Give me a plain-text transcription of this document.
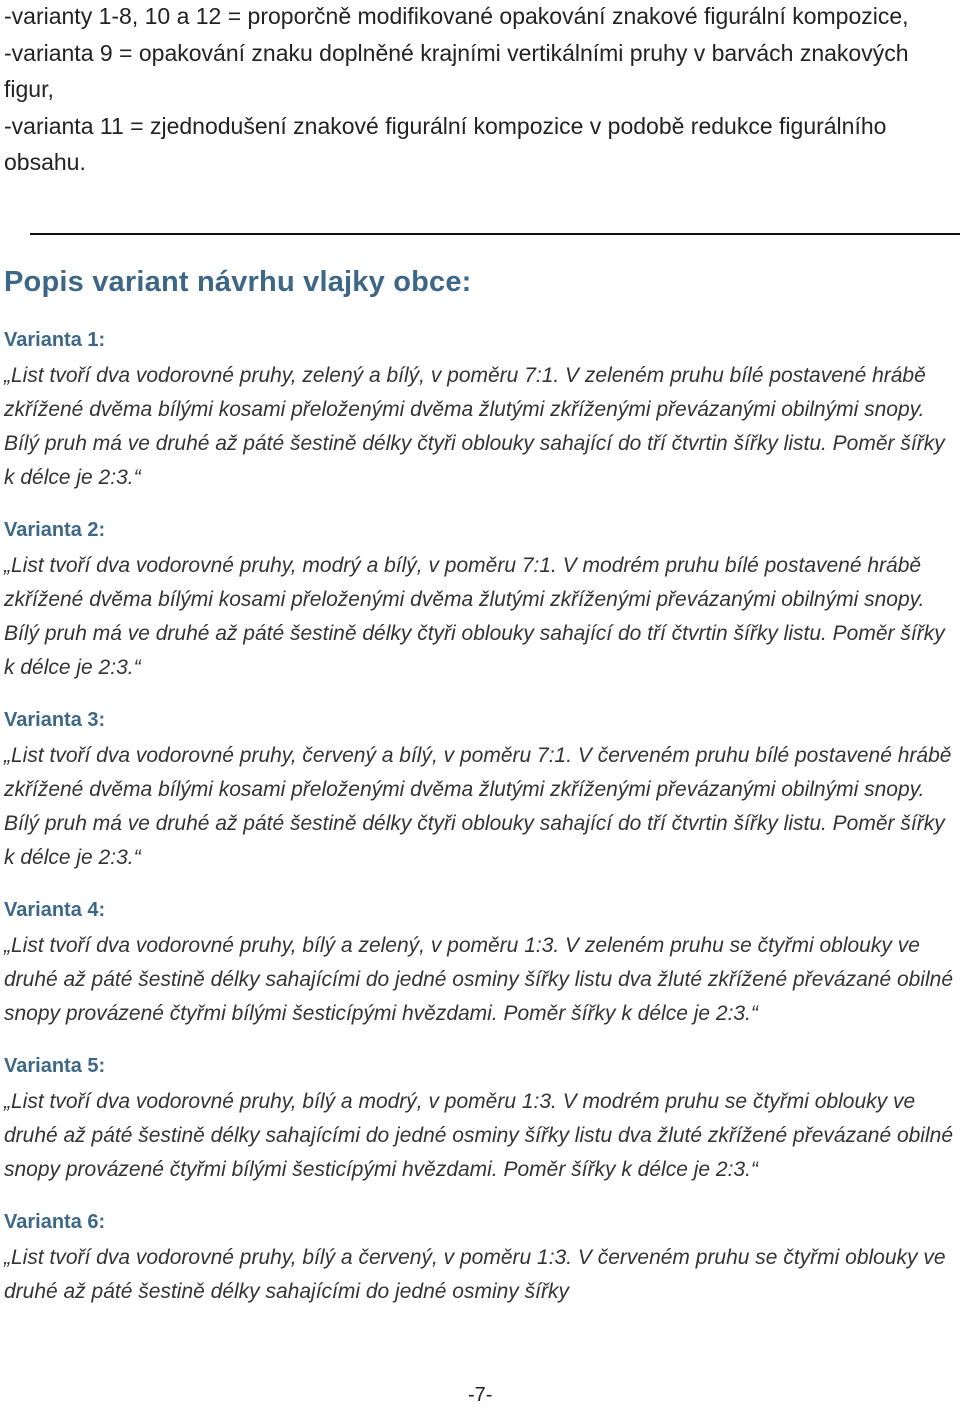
-varianty 1-8, 10 a 12 = proporčně modifikované opakování znakové figurální kompozice,

-varianta 9 = opakování znaku doplněné krajními vertikálními pruhy v barvách znakových figur,

-varianta 11 = zjednodušení znakové figurální kompozice v podobě redukce figurálního obsahu.

Popis variant návrhu vlajky obce:
Varianta 1:

„List tvoří dva vodorovné pruhy, zelený a bílý, v poměru 7:1. V zeleném pruhu bílé postavené hrábě zkřížené dvěma bílými kosami přeloženými dvěma žlutými zkříženými převázanými obilnými snopy. Bílý pruh má ve druhé až páté šestině délky čtyři oblouky sahající do tří čtvrtin šířky listu. Poměr šířky k délce je 2:3.“

Varianta 2:

„List tvoří dva vodorovné pruhy, modrý a bílý, v poměru 7:1. V modrém pruhu bílé postavené hrábě zkřížené dvěma bílými kosami přeloženými dvěma žlutými zkříženými převázanými obilnými snopy. Bílý pruh má ve druhé až páté šestině délky čtyři oblouky sahající do tří čtvrtin šířky listu. Poměr šířky k délce je 2:3.“

Varianta 3:

„List tvoří dva vodorovné pruhy, červený a bílý, v poměru 7:1. V červeném pruhu bílé postavené hrábě zkřížené dvěma bílými kosami přeloženými dvěma žlutými zkříženými převázanými obilnými snopy. Bílý pruh má ve druhé až páté šestině délky čtyři oblouky sahající do tří čtvrtin šířky listu. Poměr šířky k délce je 2:3.“

Varianta 4:

„List tvoří dva vodorovné pruhy, bílý a zelený, v poměru 1:3. V zeleném pruhu se čtyřmi oblouky ve druhé až páté šestině délky sahajícími do jedné osminy šířky listu dva žluté zkřížené převázané obilné snopy provázené čtyřmi bílými šesticípými hvězdami. Poměr šířky k délce je 2:3.“

Varianta 5:

„List tvoří dva vodorovné pruhy, bílý a modrý, v poměru 1:3. V modrém pruhu se čtyřmi oblouky ve druhé až páté šestině délky sahajícími do jedné osminy šířky listu dva žluté zkřížené převázané obilné snopy provázené čtyřmi bílými šesticípými hvězdami. Poměr šířky k délce je 2:3.“

Varianta 6:

„List tvoří dva vodorovné pruhy, bílý a červený, v poměru 1:3. V červeném pruhu se čtyřmi oblouky ve druhé až páté šestině délky sahajícími do jedné osminy šířky

-7-
